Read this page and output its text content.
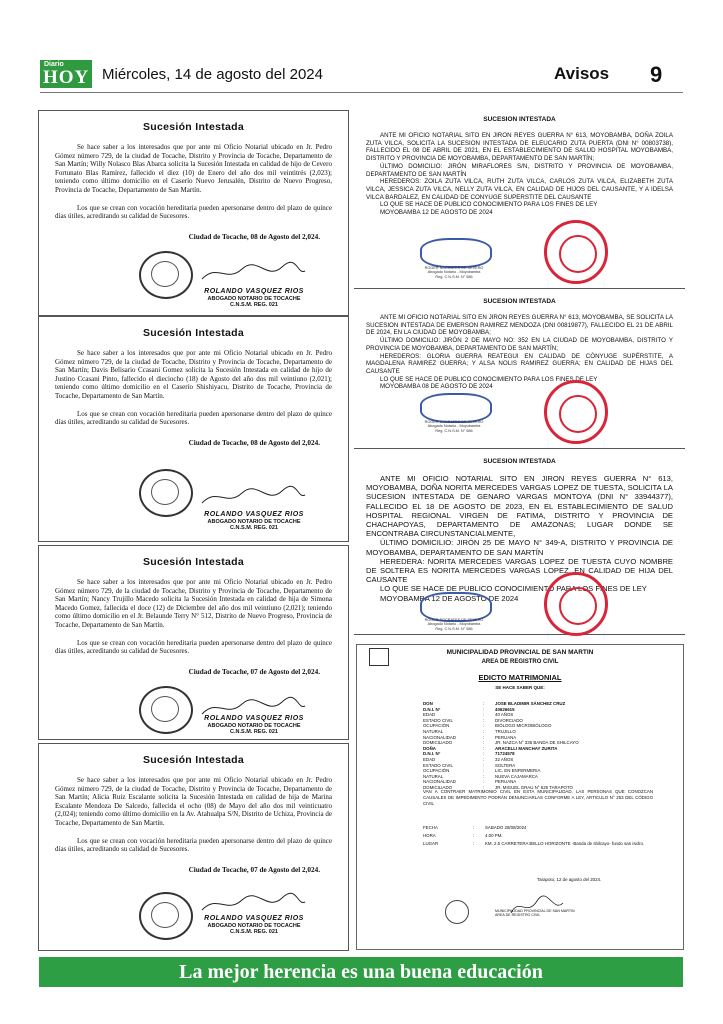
Diario
HOY Miércoles, 14 de agosto del 2024	Avisos 9
Sucesión Intestada
Se hace saber a los interesados que por ante mi Oficio Notarial ubicado en Jr. Pedro Gómez número 729, de la ciudad de Tocache, Distrito y Provincia de Tocache, Departamento de San Martín; Willy Nolasco Blas Abarca solicita la Sucesión Intestada en calidad de hijo de Cevero Fortunato Blas Ramírez, fallecido el diez (10) de Enero del año dos mil veintitrés (2,023); teniendo como último domicilio en el Caserío Nuevo Jerusalén, Distrito de Nuevo Progreso, Provincia de Tocache, Departamento de San Martín.
Los que se crean con vocación hereditaria pueden apersonarse dentro del plazo de quince días útiles, acreditando su calidad de Sucesores.
Ciudad de Tocache, 08 de Agosto del 2,024.
ROLANDO VASQUEZ RIOS
ABOGADO NOTARIO DE TOCACHE
C.N.S.M. REG. 021
Sucesión Intestada
Se hace saber a los interesados que por ante mi Oficio Notarial ubicado en Jr. Pedro Gómez número 729, de la ciudad de Tocache, Distrito y Provincia de Tocache, Departamento de San Martín; Davis Belisario Ccasani Gomez solicita la Sucesión Intestada en calidad de hijo de Justino Ccasani Pinto, fallecido el dieciocho (18) de Agosto del año dos mil veintiuno (2,021); teniendo como último domicilio en el Caserío Shishiyacu, Distrito de Tocache, Provincia de Tocache, Departamento de San Martín.
Los que se crean con vocación hereditaria pueden apersonarse dentro del plazo de quince días útiles, acreditando su calidad de Sucesores.
Ciudad de Tocache, 08 de Agosto del 2,024.
ROLANDO VASQUEZ RIOS
ABOGADO NOTARIO DE TOCACHE
C.N.S.M. REG. 021
Sucesión Intestada
Se hace saber a los interesados que por ante mi Oficio Notarial ubicado en Jr. Pedro Gómez número 729, de la ciudad de Tocache, Distrito y Provincia de Tocache, Departamento de San Martín; Nancy Trujillo Macedo solicita la Sucesión Intestada en calidad de hija de Simona Macedo Gomez, fallecida el doce (12) de Diciembre del año dos mil veintiuno (2,021); teniendo como último domicilio en el Jr. Belaunde Terry N° 512, Distrito de Nuevo Progreso, Provincia de Tocache, Departamento de San Martín.
Los que se crean con vocación hereditaria pueden apersonarse dentro del plazo de quince días útiles, acreditando su calidad de Sucesores.
Ciudad de Tocache, 07 de Agosto del 2,024.
ROLANDO VASQUEZ RIOS
ABOGADO NOTARIO DE TOCACHE
C.N.S.M. REG. 021
Sucesión Intestada
Se hace saber a los interesados que por ante mi Oficio Notarial ubicado en Jr. Pedro Gómez número 729, de la ciudad de Tocache, Distrito y Provincia de Tocache, Departamento de San Martín; Alicia Ruiz Escalante solicita la Sucesión Intestada en calidad de hija de Marina Escalante Mendoza De Salcedo, fallecida el ocho (08) de Mayo del año dos mil veinticuatro (2,024); teniendo como último domicilio en la Av. Atahualpa S/N, Distrito de Uchiza, Provincia de Tocache, Departamento de San Martín.
Los que se crean con vocación hereditaria pueden apersonarse dentro del plazo de quince días útiles, acreditando su calidad de Sucesores.
Ciudad de Tocache, 07 de Agosto del 2,024.
ROLANDO VASQUEZ RIOS
ABOGADO NOTARIO DE TOCACHE
C.N.S.M. REG. 021
SUCESION INTESTADA

ANTE MI OFICIO NOTARIAL SITO EN JIRON REYES GUERRA N° 613, MOYOBAMBA, DOÑA ZOILA ZUTA VILCA, SOLICITA LA SUCESION INTESTADA DE ELEUCARIO ZUTA PUERTA (DNI N° 00803738), FALLECIDO EL 08 DE ABRIL DE 2021, EN EL ESTABLECIMIENTO DE SALUD HOSPITAL MOYOBAMBA, DISTRITO Y PROVINCIA DE MOYOBAMBA, DEPARTAMENTO DE SAN MARTÍN;

ÚLTIMO DOMICILIO: JIRÓN MIRAFLORES S/N, DISTRITO Y PROVINCIA DE MOYOBAMBA, DEPARTAMENTO DE SAN MARTÍN

HEREDEROS: ZOILA ZUTA VILCA, RUTH ZUTA VILCA, CARLOS ZUTA VILCA, ELIZABETH ZUTA VILCA, JESSICA ZUTA VILCA, NELLY ZUTA VILCA, EN CALIDAD DE HIJOS DEL CAUSANTE, Y A IDELSA VILCA BARDALEZ, EN CALIDAD DE CONYUGE SUPERSTITE DEL CAUSANTE

LO QUE SE HACE DE PUBLICO CONOCIMIENTO PARA LOS FINES DE LEY

MOYOBAMBA 12 DE AGOSTO DE 2024

ROGER SOCRATES DE SEVERO
Abogado Notario - Moyobamba
Reg. C.N.S.M. N° 586
SUCESION INTESTADA

ANTE MI OFICIO NOTARIAL SITO EN JIRON REYES GUERRA N° 613, MOYOBAMBA, SE SOLICITA LA SUCESION INTESTADA DE EMERSON RAMIREZ MENDOZA (DNI 00819877), FALLECIDO EL 21 DE ABRIL DE 2024, EN LA CIUDAD DE MOYOBAMBA;

ÚLTIMO DOMICILIO: JIRÓN 2 DE MAYO NO: 352 EN LA CIUDAD DE MOYOBAMBA, DISTRITO Y PROVINCIA DE MOYOBAMBA, DEPARTAMENTO DE SAN MARTÍN;

HEREDEROS: GLORIA GUERRA REATEGUI EN CALIDAD DE CÓNYUGE SUPÉRSTITE, A MAGDALENA RAMIREZ GUERRA; Y ALSA NOLIS RAMIREZ GUERRA; EN CALIDAD DE HIJAS DEL CAUSANTE

LO QUE SE HACE DE PUBLICO CONOCIMIENTO PARA LOS FINES DE LEY

MOYOBAMBA 08 DE AGOSTO DE 2024

ROGER SOCRATES DE SEVERO
Abogado Notario - Moyobamba
Reg. C.N.S.M. N° 586
SUCESION INTESTADA

ANTE MI OFICIO NOTARIAL SITO EN JIRON REYES GUERRA N° 613, MOYOBAMBA, DOÑA NORITA MERCEDES VARGAS LOPEZ DE TUESTA, SOLICITA LA SUCESION INTESTADA DE GENARO VARGAS MONTOYA (DNI N° 33944377), FALLECIDO EL 18 DE AGOSTO DE 2023, EN EL ESTABLECIMIENTO DE SALUD HOSPITAL REGIONAL VIRGEN DE FATIMA, DISTRITO Y PROVINCIA DE CHACHAPOYAS, DEPARTAMENTO DE AMAZONAS; LUGAR DONDE SE ENCONTRABA CIRCUNSTANCIALMENTE,

ÚLTIMO DOMICILIO: JIRÓN 25 DE MAYO N° 349-A, DISTRITO Y PROVINCIA DE MOYOBAMBA, DEPARTAMENTO DE SAN MARTÍN

HEREDERA: NORITA MERCEDES VARGAS LOPEZ DE TUESTA CUYO NOMBRE DE SOLTERA ES NORITA MERCEDES VARGAS LOPEZ, EN CALIDAD DE HIJA DEL CAUSANTE

LO QUE SE HACE DE PUBLICO CONOCIMIENTO PARA LOS FINES DE LEY

MOYOBAMBA 12 DE AGOSTO DE 2024

ROGER SOCRATES DE SEVERO
Abogado Notario - Moyobamba
Reg. C.N.S.M. N° 586
MUNICIPALIDAD PROVINCIAL DE SAN MARTIN
AREA DE REGISTRO CIVIL
EDICTO MATRIMONIAL
SE HACE SABER QUE:
DON	: JOSE BLADIMIR SÁNCHEZ CRUZ
D.N.I. N°	: 40626615
EDAD	: 40 AÑOS
ESTADO CIVIL	: DIVORCIADO
OCUPACIÓN	: BIÓLOGO MICROBIÓLOGO
NATURAL	: TRUJILLO
NACIONALIDAD	: PERUANA
DOMICILIADO	: JR. NAZCA N° 335 BANDA DE SHILCAYO
DOÑA	: ARACELLI MANCHAY ZURITA
D.N.I. N°	: 71724578
EDAD	: 32 AÑOS
ESTADO CIVIL	: SOLTERA
OCUPACIÓN	: LIC. EN ENFERMERIA
NATURAL	: NUEVA CAJAMARCA
NACIONALIDAD	: PERUANA
DOMICILIADO	: JR. MIGUEL GRAU N° 625 TARAPOTO
VAN A CONTRAER MATRIMONIO CIVIL EN ESTA MUNICIPALIDAD, LAS PERSONAS QUE CONOZCAN CAUSALES DE IMPEDIMENTO PODRÁN DENUNCIARLAS CONFORME A LEY, ARTICULO N° 253 DEL CÓDIGO CIVIL
FECHA	: SABADO 28/08/2024
HORA	: 4.00 PM.
LUGAR	: KM. 2.5 CARRETERA BELLO HORIZONTE -Banda de shilcayo- fundo san isidro.
Tarapoto, 12 de agosto del 2024.
MUNICIPALIDAD PROVINCIAL DE SAN MARTIN
AREA DE REGISTRO CIVIL
La mejor herencia es una buena educación
